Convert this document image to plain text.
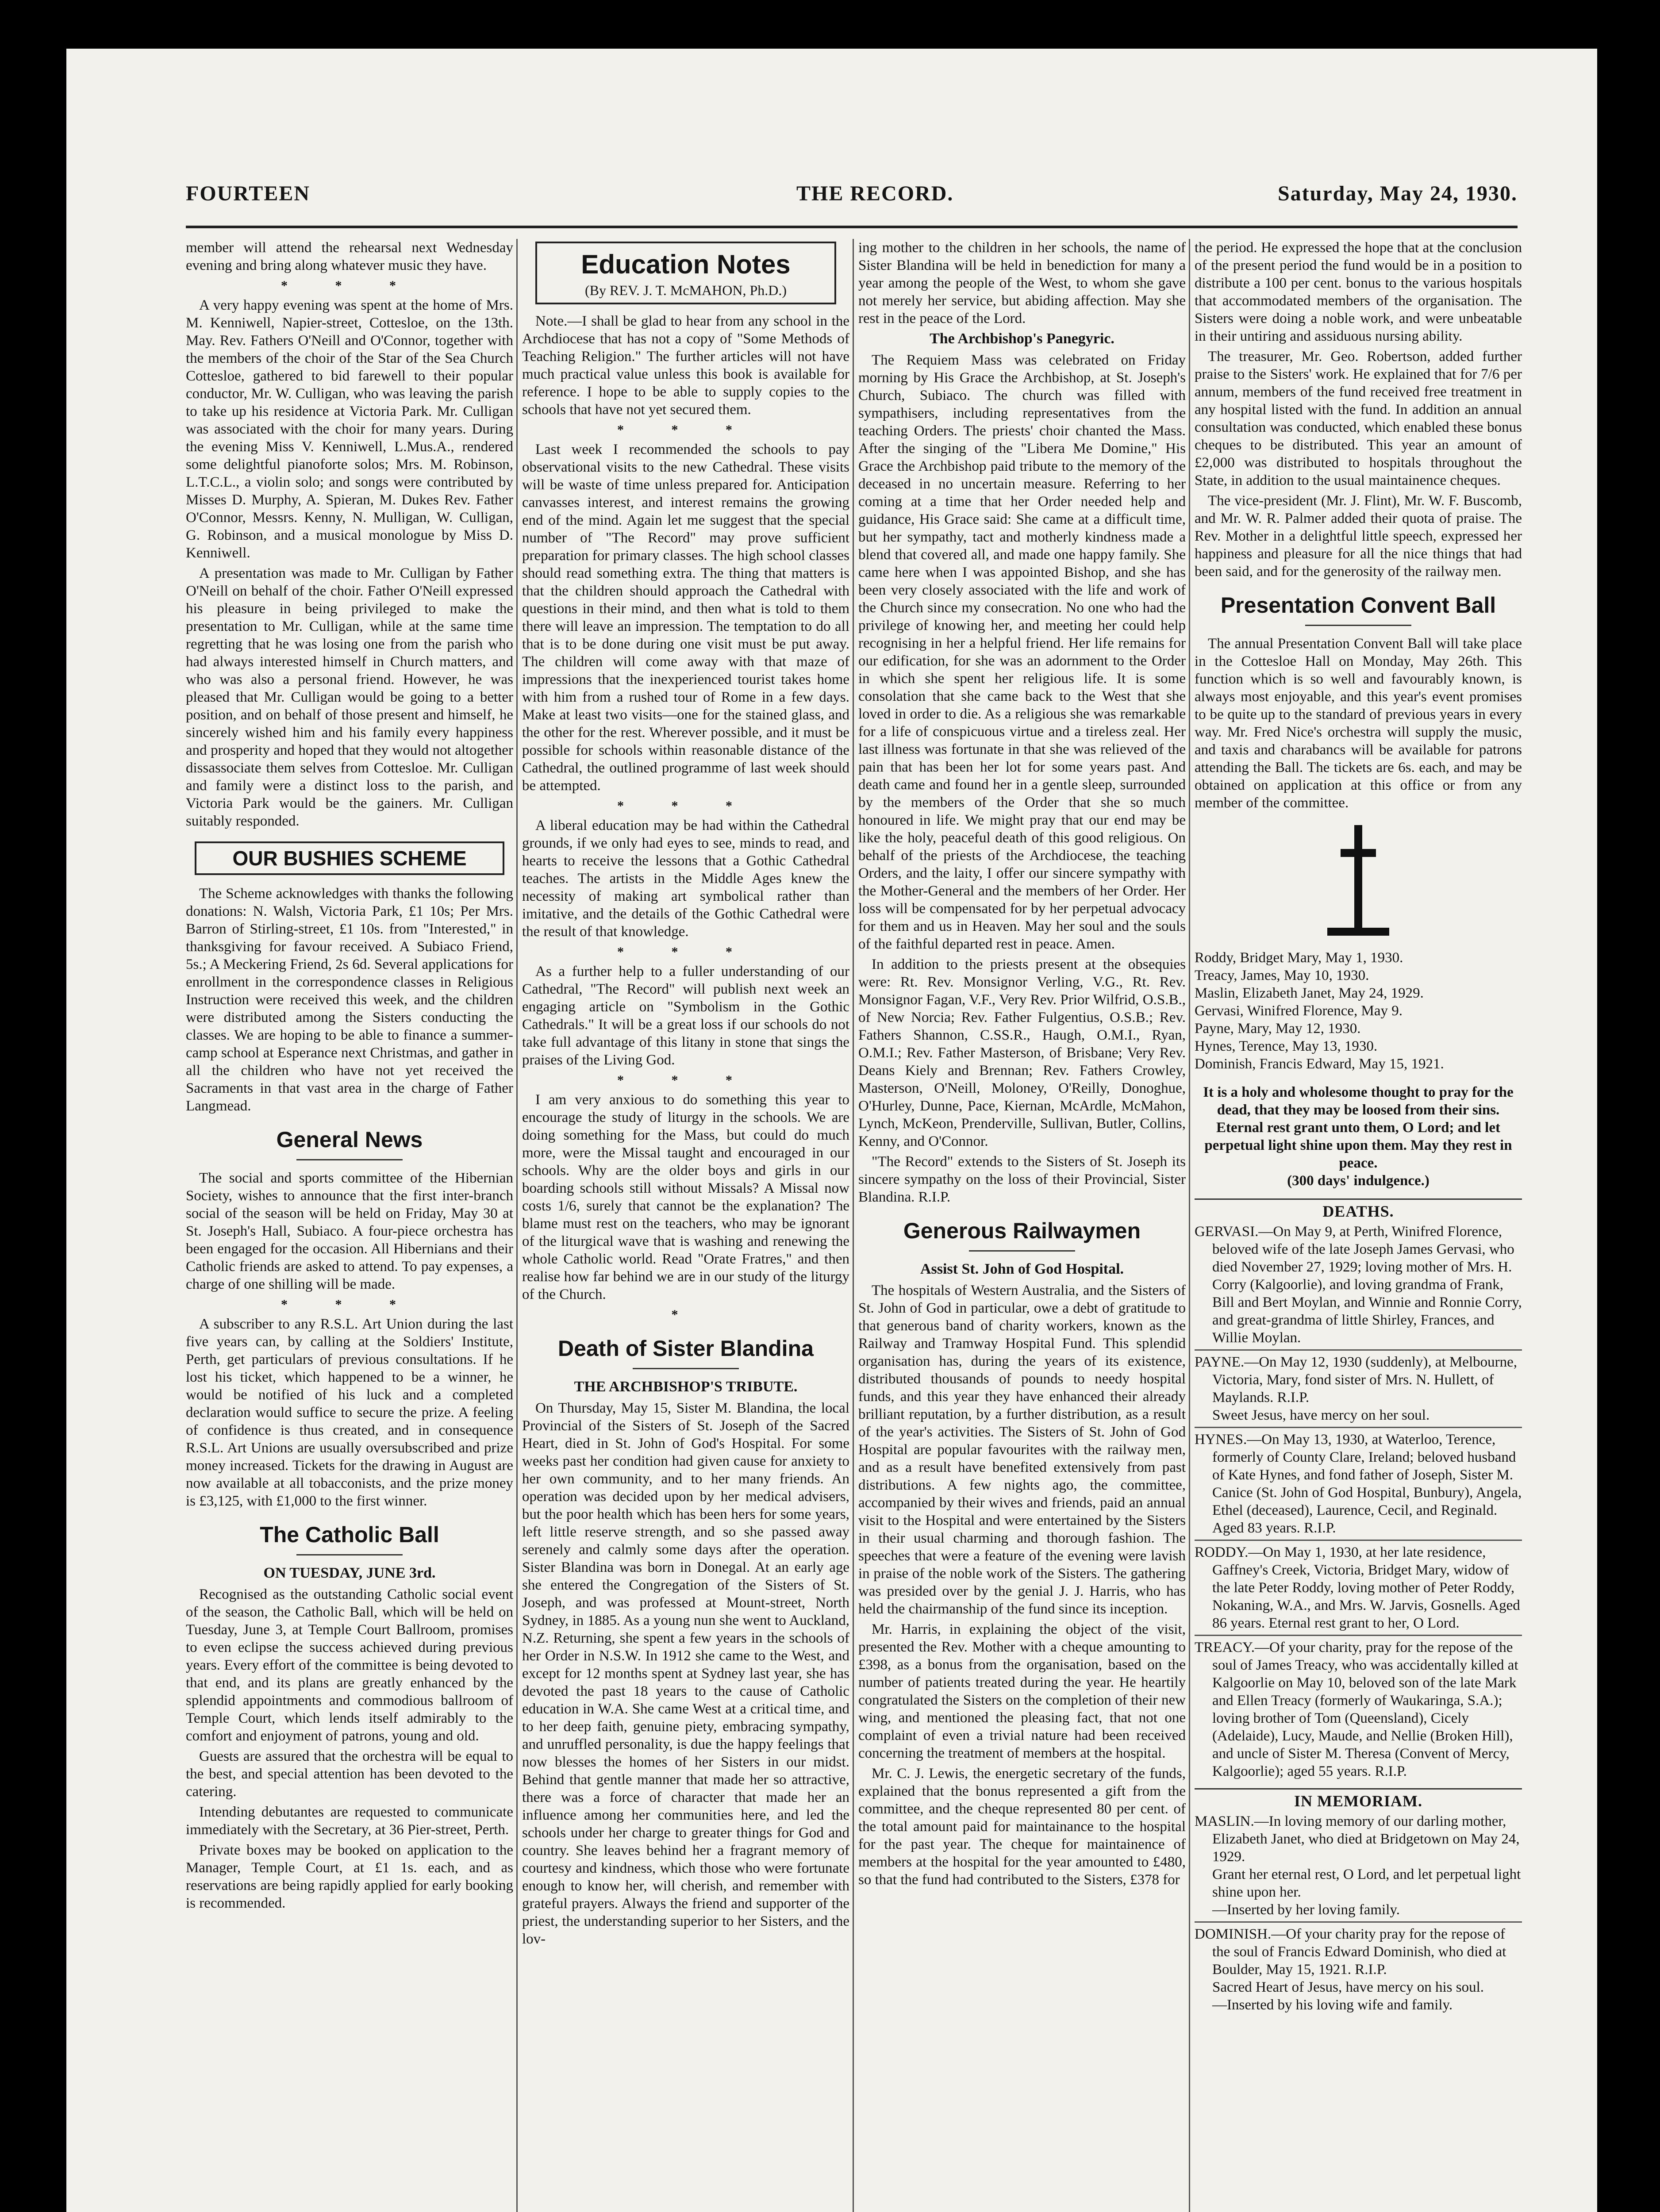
FOURTEEN	THE RECORD.	Saturday, May 24, 1930.

member will attend the rehearsal next Wednesday evening and bring along whatever music they have.

* * *

A very happy evening was spent at the home of Mrs. M. Kenniwell, Napier-street, Cottesloe, on the 13th. May. Rev. Fathers O'Neill and O'Connor, together with the members of the choir of the Star of the Sea Church Cottesloe, gathered to bid farewell to their popular conductor, Mr. W. Culligan, who was leaving the parish to take up his residence at Victoria Park. Mr. Culligan was associated with the choir for many years. During the evening Miss V. Kenniwell, L.Mus.A., rendered some delightful pianoforte solos; Mrs. M. Robinson, L.T.C.L., a violin solo; and songs were contributed by Misses D. Murphy, A. Spieran, M. Dukes Rev. Father O'Connor, Messrs. Kenny, N. Mulligan, W. Culligan, G. Robinson, and a musical monologue by Miss D. Kenniwell.

A presentation was made to Mr. Culligan by Father O'Neill on behalf of the choir. Father O'Neill expressed his pleasure in being privileged to make the presentation to Mr. Culligan, while at the same time regretting that he was losing one from the parish who had always interested himself in Church matters, and who was also a personal friend. However, he was pleased that Mr. Culligan would be going to a better position, and on behalf of those present and himself, he sincerely wished him and his family every happiness and prosperity and hoped that they would not altogether dissassociate them selves from Cottesloe. Mr. Culligan and family were a distinct loss to the parish, and Victoria Park would be the gainers. Mr. Culligan suitably responded.

OUR BUSHIES SCHEME

The Scheme acknowledges with thanks the following donations: N. Walsh, Victoria Park, £1 10s; Per Mrs. Barron of Stirling-street, £1 10s. from "Interested," in thanksgiving for favour received. A Subiaco Friend, 5s.; A Meckering Friend, 2s 6d. Several applications for enrollment in the correspondence classes in Religious Instruction were received this week, and the children were distributed among the Sisters conducting the classes. We are hoping to be able to finance a summer-camp school at Esperance next Christmas, and gather in all the children who have not yet received the Sacraments in that vast area in the charge of Father Langmead.

General News

The social and sports committee of the Hibernian Society, wishes to announce that the first inter-branch social of the season will be held on Friday, May 30 at St. Joseph's Hall, Subiaco. A four-piece orchestra has been engaged for the occasion. All Hibernians and their Catholic friends are asked to attend. To pay expenses, a charge of one shilling will be made.

* * *

A subscriber to any R.S.L. Art Union during the last five years can, by calling at the Soldiers' Institute, Perth, get particulars of previous consultations. If he lost his ticket, which happened to be a winner, he would be notified of his luck and a completed declaration would suffice to secure the prize. A feeling of confidence is thus created, and in consequence R.S.L. Art Unions are usually oversubscribed and prize money increased. Tickets for the drawing in August are now available at all tobacconists, and the prize money is £3,125, with £1,000 to the first winner.

The Catholic Ball
ON TUESDAY, JUNE 3rd.

Recognised as the outstanding Catholic social event of the season, the Catholic Ball, which will be held on Tuesday, June 3, at Temple Court Ballroom, promises to even eclipse the success achieved during previous years. Every effort of the committee is being devoted to that end, and its plans are greatly enhanced by the splendid appointments and commodious ballroom of Temple Court, which lends itself admirably to the comfort and enjoyment of patrons, young and old.

Guests are assured that the orchestra will be equal to the best, and special attention has been devoted to the catering.

Intending debutantes are requested to communicate immediately with the Secretary, at 36 Pier-street, Perth.

Private boxes may be booked on application to the Manager, Temple Court, at £1 1s. each, and as reservations are being rapidly applied for early booking is recommended.

Education Notes
(By REV. J. T. McMAHON, Ph.D.)

Note.—I shall be glad to hear from any school in the Archdiocese that has not a copy of "Some Methods of Teaching Religion." The further articles will not have much practical value unless this book is available for reference. I hope to be able to supply copies to the schools that have not yet secured them.

* * *

Last week I recommended the schools to pay observational visits to the new Cathedral. These visits will be waste of time unless prepared for. Anticipation canvasses interest, and interest remains the growing end of the mind. Again let me suggest that the special number of "The Record" may prove sufficient preparation for primary classes. The high school classes should read something extra. The thing that matters is that the children should approach the Cathedral with questions in their mind, and then what is told to them there will leave an impression. The temptation to do all that is to be done during one visit must be put away. The children will come away with that maze of impressions that the inexperienced tourist takes home with him from a rushed tour of Rome in a few days. Make at least two visits—one for the stained glass, and the other for the rest. Wherever possible, and it must be possible for schools within reasonable distance of the Cathedral, the outlined programme of last week should be attempted.

* * *

A liberal education may be had within the Cathedral grounds, if we only had eyes to see, minds to read, and hearts to receive the lessons that a Gothic Cathedral teaches. The artists in the Middle Ages knew the necessity of making art symbolical rather than imitative, and the details of the Gothic Cathedral were the result of that knowledge.

* * *

As a further help to a fuller understanding of our Cathedral, "The Record" will publish next week an engaging article on "Symbolism in the Gothic Cathedrals." It will be a great loss if our schools do not take full advantage of this litany in stone that sings the praises of the Living God.

* * *

I am very anxious to do something this year to encourage the study of liturgy in the schools. We are doing something for the Mass, but could do much more, were the Missal taught and encouraged in our schools. Why are the older boys and girls in our boarding schools still without Missals? A Missal now costs 1/6, surely that cannot be the explanation? The blame must rest on the teachers, who may be ignorant of the liturgical wave that is washing and renewing the whole Catholic world. Read "Orate Fratres," and then realise how far behind we are in our study of the liturgy of the Church.

*
Death of Sister Blandina
THE ARCHBISHOP'S TRIBUTE.

On Thursday, May 15, Sister M. Blandina, the local Provincial of the Sisters of St. Joseph of the Sacred Heart, died in St. John of God's Hospital. For some weeks past her condition had given cause for anxiety to her own community, and to her many friends. An operation was decided upon by her medical advisers, but the poor health which has been hers for some years, left little reserve strength, and so she passed away serenely and calmly some days after the operation. Sister Blandina was born in Donegal. At an early age she entered the Congregation of the Sisters of St. Joseph, and was professed at Mount-street, North Sydney, in 1885. As a young nun she went to Auckland, N.Z. Returning, she spent a few years in the schools of her Order in N.S.W. In 1912 she came to the West, and except for 12 months spent at Sydney last year, she has devoted the past 18 years to the cause of Catholic education in W.A. She came West at a critical time, and to her deep faith, genuine piety, embracing sympathy, and unruffled personality, is due the happy feelings that now blesses the homes of her Sisters in our midst. Behind that gentle manner that made her so attractive, there was a force of character that made her an influence among her communities here, and led the schools under her charge to greater things for God and country. She leaves behind her a fragrant memory of courtesy and kindness, which those who were fortunate enough to know her, will cherish, and remember with grateful prayers. Always the friend and supporter of the priest, the understanding superior to her Sisters, and the lov-

ing mother to the children in her schools, the name of Sister Blandina will be held in benediction for many a year among the people of the West, to whom she gave not merely her service, but abiding affection. May she rest in the peace of the Lord.

The Archbishop's Panegyric.

The Requiem Mass was celebrated on Friday morning by His Grace the Archbishop, at St. Joseph's Church, Subiaco. The church was filled with sympathisers, including representatives from the teaching Orders. The priests' choir chanted the Mass. After the singing of the "Libera Me Domine," His Grace the Archbishop paid tribute to the memory of the deceased in no uncertain measure. Referring to her coming at a time that her Order needed help and guidance, His Grace said: She came at a difficult time, but her sympathy, tact and motherly kindness made a blend that covered all, and made one happy family. She came here when I was appointed Bishop, and she has been very closely associated with the life and work of the Church since my consecration. No one who had the privilege of knowing her, and meeting her could help recognising in her a helpful friend. Her life remains for our edification, for she was an adornment to the Order in which she spent her religious life. It is some consolation that she came back to the West that she loved in order to die. As a religious she was remarkable for a life of conspicuous virtue and a tireless zeal. Her last illness was fortunate in that she was relieved of the pain that has been her lot for some years past. And death came and found her in a gentle sleep, surrounded by the members of the Order that she so much honoured in life. We might pray that our end may be like the holy, peaceful death of this good religious. On behalf of the priests of the Archdiocese, the teaching Orders, and the laity, I offer our sincere sympathy with the Mother-General and the members of her Order. Her loss will be compensated for by her perpetual advocacy for them and us in Heaven. May her soul and the souls of the faithful departed rest in peace. Amen.

In addition to the priests present at the obsequies were: Rt. Rev. Monsignor Verling, V.G., Rt. Rev. Monsignor Fagan, V.F., Very Rev. Prior Wilfrid, O.S.B., of New Norcia; Rev. Father Fulgentius, O.S.B.; Rev. Fathers Shannon, C.SS.R., Haugh, O.M.I., Ryan, O.M.I.; Rev. Father Masterson, of Brisbane; Very Rev. Deans Kiely and Brennan; Rev. Fathers Crowley, Masterson, O'Neill, Moloney, O'Reilly, Donoghue, O'Hurley, Dunne, Pace, Kiernan, McArdle, McMahon, Lynch, McKeon, Prenderville, Sullivan, Butler, Collins, Kenny, and O'Connor.

"The Record" extends to the Sisters of St. Joseph its sincere sympathy on the loss of their Provincial, Sister Blandina. R.I.P.

Generous Railwaymen
Assist St. John of God Hospital.

The hospitals of Western Australia, and the Sisters of St. John of God in particular, owe a debt of gratitude to that generous band of charity workers, known as the Railway and Tramway Hospital Fund. This splendid organisation has, during the years of its existence, distributed thousands of pounds to needy hospital funds, and this year they have enhanced their already brilliant reputation, by a further distribution, as a result of the year's activities. The Sisters of St. John of God Hospital are popular favourites with the railway men, and as a result have benefited extensively from past distributions. A few nights ago, the committee, accompanied by their wives and friends, paid an annual visit to the Hospital and were entertained by the Sisters in their usual charming and thorough fashion. The speeches that were a feature of the evening were lavish in praise of the noble work of the Sisters. The gathering was presided over by the genial J. J. Harris, who has held the chairmanship of the fund since its inception.

Mr. Harris, in explaining the object of the visit, presented the Rev. Mother with a cheque amounting to £398, as a bonus from the organisation, based on the number of patients treated during the year. He heartily congratulated the Sisters on the completion of their new wing, and mentioned the pleasing fact, that not one complaint of even a trivial nature had been received concerning the treatment of members at the hospital.

Mr. C. J. Lewis, the energetic secretary of the funds, explained that the bonus represented a gift from the committee, and the cheque represented 80 per cent. of the total amount paid for maintainance to the hospital for the past year. The cheque for maintainence of members at the hospital for the year amounted to £480, so that the fund had contributed to the Sisters, £378 for

the period. He expressed the hope that at the conclusion of the present period the fund would be in a position to distribute a 100 per cent. bonus to the various hospitals that accommodated members of the organisation. The Sisters were doing a noble work, and were unbeatable in their untiring and assiduous nursing ability.

The treasurer, Mr. Geo. Robertson, added further praise to the Sisters' work. He explained that for 7/6 per annum, members of the fund received free treatment in any hospital listed with the fund. In addition an annual consultation was conducted, which enabled these bonus cheques to be distributed. This year an amount of £2,000 was distributed to hospitals throughout the State, in addition to the usual maintainence cheques.

The vice-president (Mr. J. Flint), Mr. W. F. Buscomb, and Mr. W. R. Palmer added their quota of praise. The Rev. Mother in a delightful little speech, expressed her happiness and pleasure for all the nice things that had been said, and for the generosity of the railway men.

Presentation Convent Ball

The annual Presentation Convent Ball will take place in the Cottesloe Hall on Monday, May 26th. This function which is so well and favourably known, is always most enjoyable, and this year's event promises to be quite up to the standard of previous years in every way. Mr. Fred Nice's orchestra will supply the music, and taxis and charabancs will be available for patrons attending the Ball. The tickets are 6s. each, and may be obtained on application at this office or from any member of the committee.

Roddy, Bridget Mary, May 1, 1930.

Treacy, James, May 10, 1930.

Maslin, Elizabeth Janet, May 24, 1929.

Gervasi, Winifred Florence, May 9.

Payne, Mary, May 12, 1930.

Hynes, Terence, May 13, 1930.

Dominish, Francis Edward, May 15, 1921.

It is a holy and wholesome thought to pray for the dead, that they may be loosed from their sins.

Eternal rest grant unto them, O Lord; and let perpetual light shine upon them. May they rest in peace.

(300 days' indulgence.)

DEATHS.

GERVASI.—On May 9, at Perth, Winifred Florence, beloved wife of the late Joseph James Gervasi, who died November 27, 1929; loving mother of Mrs. H. Corry (Kalgoorlie), and loving grandma of Frank, Bill and Bert Moylan, and Winnie and Ronnie Corry, and great-grandma of little Shirley, Frances, and Willie Moylan.

PAYNE.—On May 12, 1930 (suddenly), at Melbourne, Victoria, Mary, fond sister of Mrs. N. Hullett, of Maylands. R.I.P.

Sweet Jesus, have mercy on her soul.

HYNES.—On May 13, 1930, at Waterloo, Terence, formerly of County Clare, Ireland; beloved husband of Kate Hynes, and fond father of Joseph, Sister M. Canice (St. John of God Hospital, Bunbury), Angela, Ethel (deceased), Laurence, Cecil, and Reginald. Aged 83 years. R.I.P.

RODDY.—On May 1, 1930, at her late residence, Gaffney's Creek, Victoria, Bridget Mary, widow of the late Peter Roddy, loving mother of Peter Roddy, Nokaning, W.A., and Mrs. W. Jarvis, Gosnells. Aged 86 years. Eternal rest grant to her, O Lord.

TREACY.—Of your charity, pray for the repose of the soul of James Treacy, who was accidentally killed at Kalgoorlie on May 10, beloved son of the late Mark and Ellen Treacy (formerly of Waukaringa, S.A.); loving brother of Tom (Queensland), Cicely (Adelaide), Lucy, Maude, and Nellie (Broken Hill), and uncle of Sister M. Theresa (Convent of Mercy, Kalgoorlie); aged 55 years. R.I.P.

IN MEMORIAM.

MASLIN.—In loving memory of our darling mother, Elizabeth Janet, who died at Bridgetown on May 24, 1929.

Grant her eternal rest, O Lord, and let perpetual light shine upon her.

—Inserted by her loving family.

DOMINISH.—Of your charity pray for the repose of the soul of Francis Edward Dominish, who died at Boulder, May 15, 1921. R.I.P.

Sacred Heart of Jesus, have mercy on his soul.

—Inserted by his loving wife and family.
